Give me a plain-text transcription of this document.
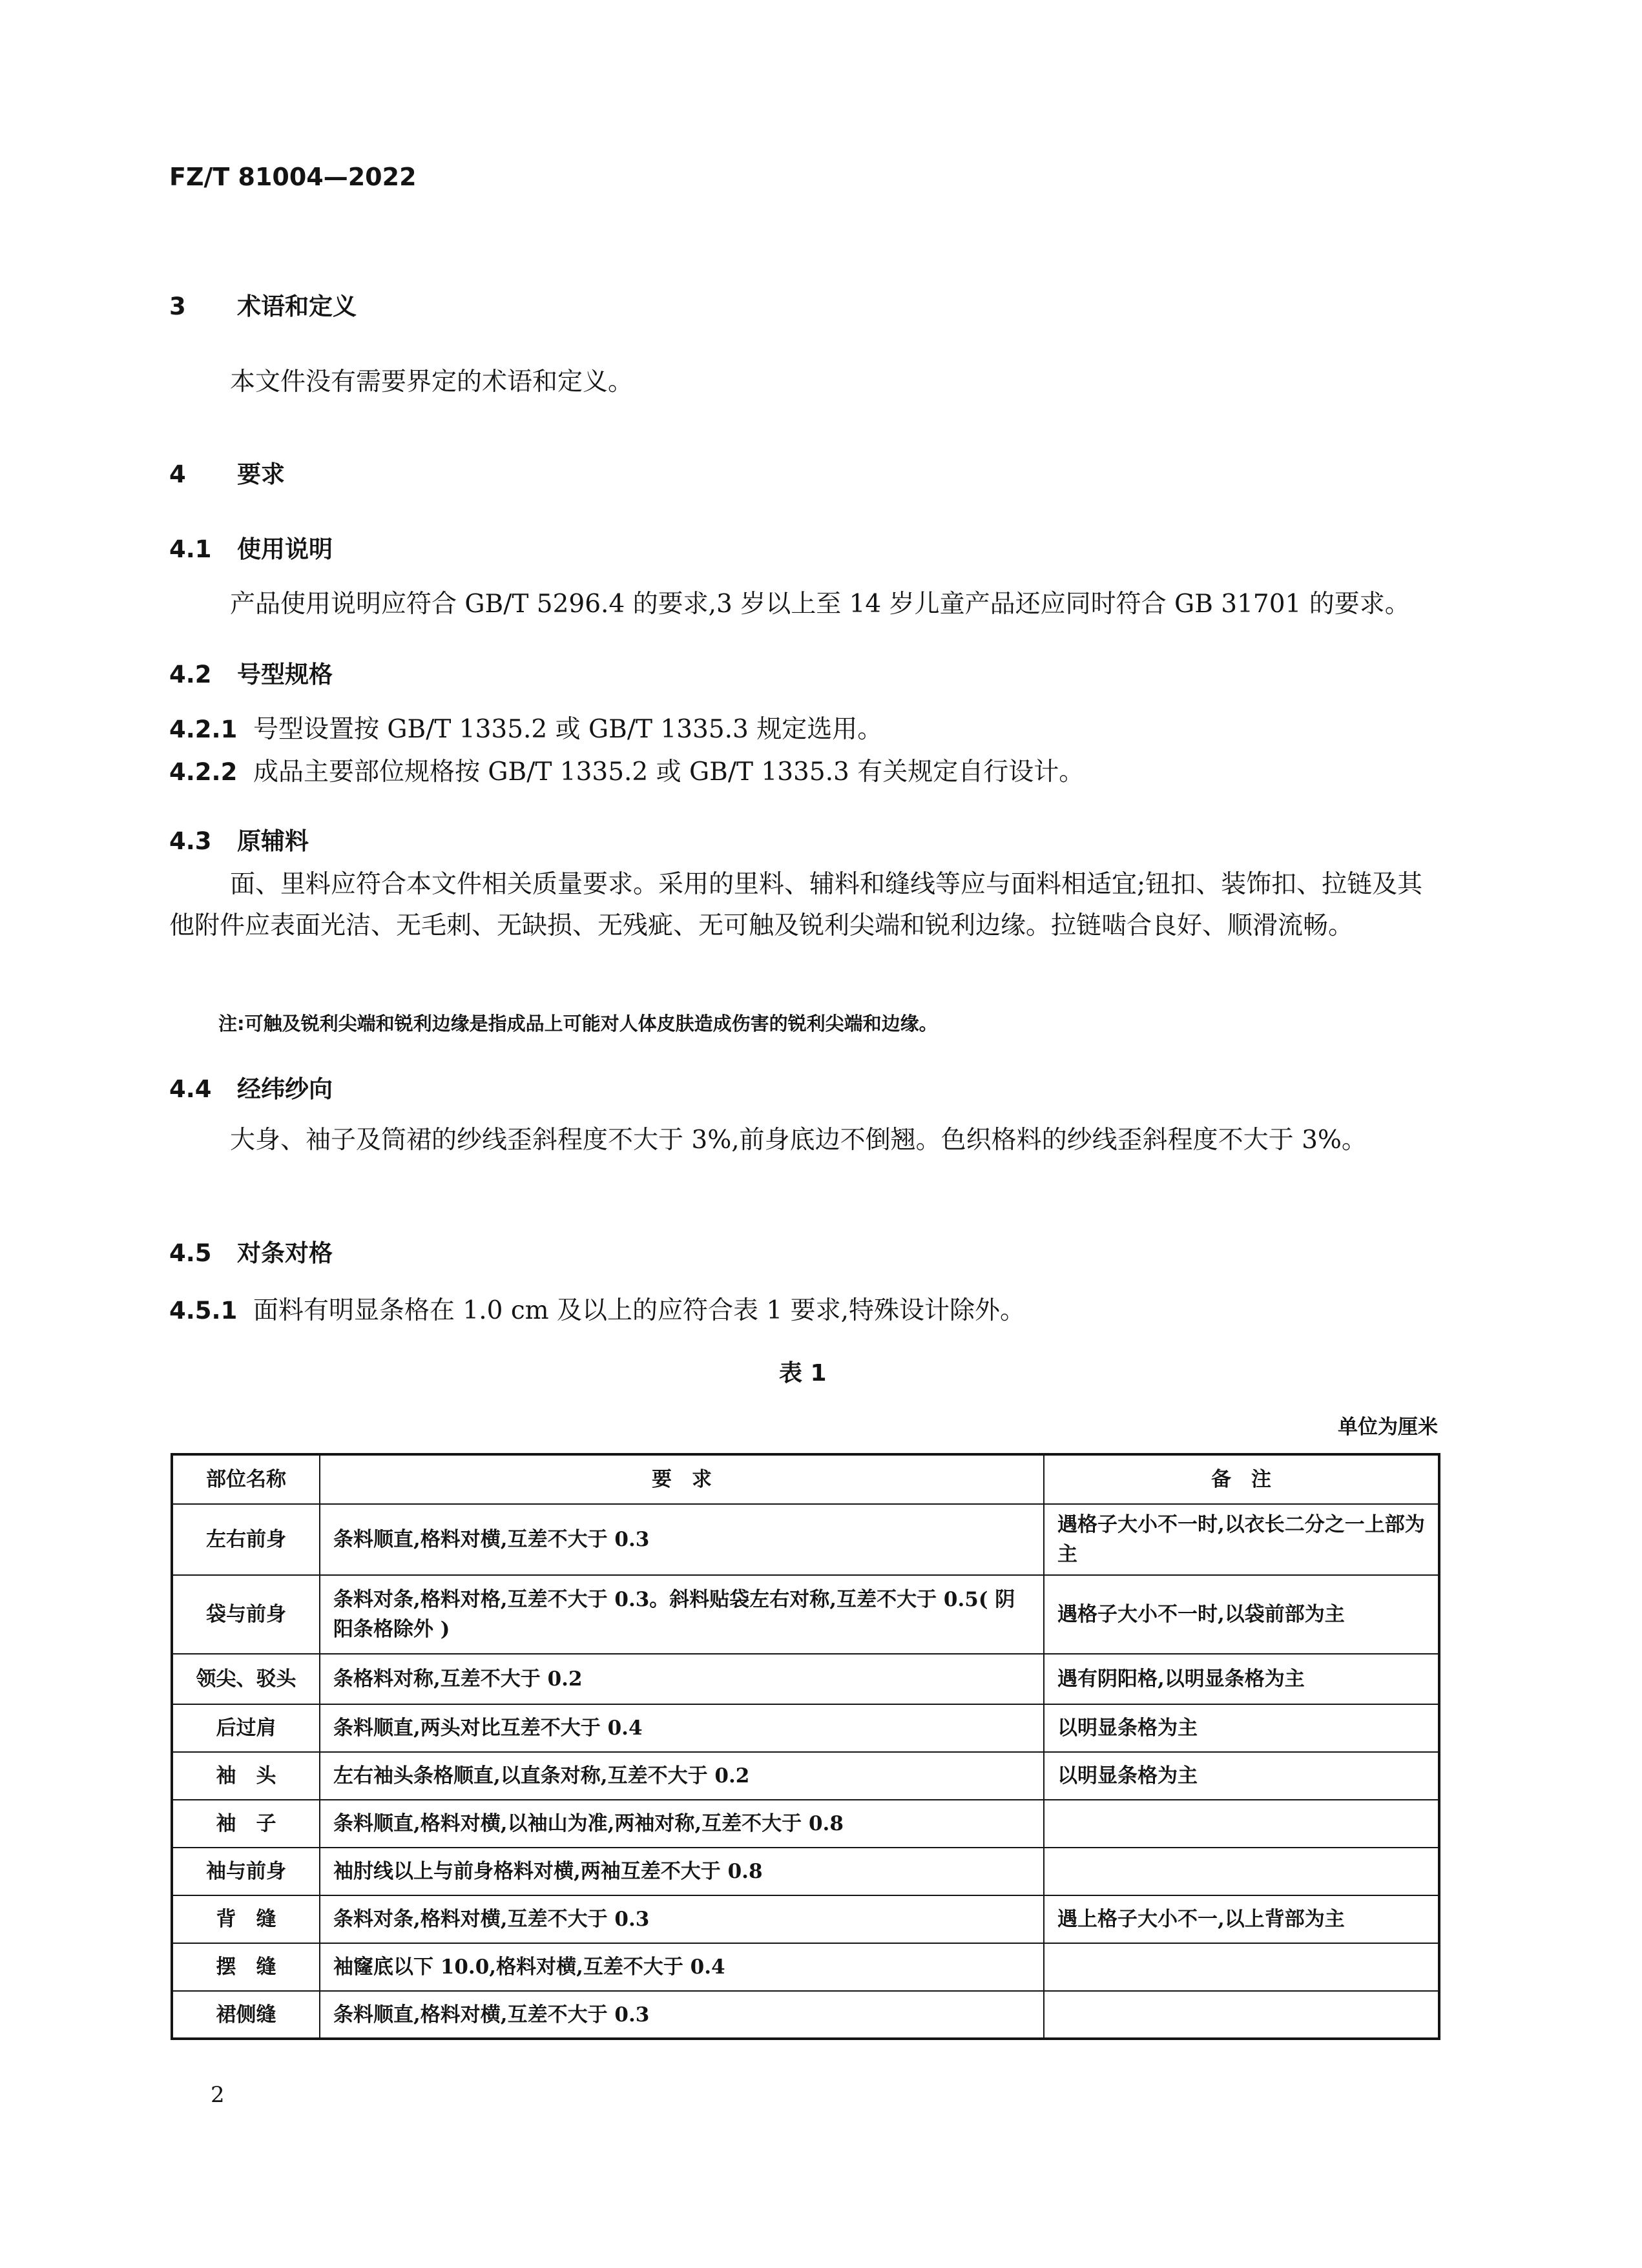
FZ/T 81004—2022
3 术语和定义
本文件没有需要界定的术语和定义。
4 要求
4.1 使用说明
产品使用说明应符合 GB/T 5296.4 的要求,3 岁以上至 14 岁儿童产品还应同时符合 GB 31701 的要求。
4.2 号型规格
4.2.1 号型设置按 GB/T 1335.2 或 GB/T 1335.3 规定选用。
4.2.2 成品主要部位规格按 GB/T 1335.2 或 GB/T 1335.3 有关规定自行设计。
4.3 原辅料
面、里料应符合本文件相关质量要求。采用的里料、辅料和缝线等应与面料相适宜;钮扣、装饰扣、拉链及其他附件应表面光洁、无毛刺、无缺损、无残疵、无可触及锐利尖端和锐利边缘。拉链啮合良好、顺滑流畅。
注:可触及锐利尖端和锐利边缘是指成品上可能对人体皮肤造成伤害的锐利尖端和边缘。
4.4 经纬纱向
大身、袖子及筒裙的纱线歪斜程度不大于 3%,前身底边不倒翘。色织格料的纱线歪斜程度不大于 3%。
4.5 对条对格
4.5.1 面料有明显条格在 1.0 cm 及以上的应符合表 1 要求,特殊设计除外。
表 1
单位为厘米
部位名称	要　求	备　注
左右前身	条料顺直,格料对横,互差不大于 0.3	遇格子大小不一时,以衣长二分之一上部为主
袋与前身	条料对条,格料对格,互差不大于 0.3。斜料贴袋左右对称,互差不大于 0.5( 阴阳条格除外 )	遇格子大小不一时,以袋前部为主
领尖、驳头	条格料对称,互差不大于 0.2	遇有阴阳格,以明显条格为主
后过肩	条料顺直,两头对比互差不大于 0.4	以明显条格为主
袖　头	左右袖头条格顺直,以直条对称,互差不大于 0.2	以明显条格为主
袖　子	条料顺直,格料对横,以袖山为准,两袖对称,互差不大于 0.8	
袖与前身	袖肘线以上与前身格料对横,两袖互差不大于 0.8	
背　缝	条料对条,格料对横,互差不大于 0.3	遇上格子大小不一,以上背部为主
摆　缝	袖窿底以下 10.0,格料对横,互差不大于 0.4	
裙侧缝	条料顺直,格料对横,互差不大于 0.3	
2
